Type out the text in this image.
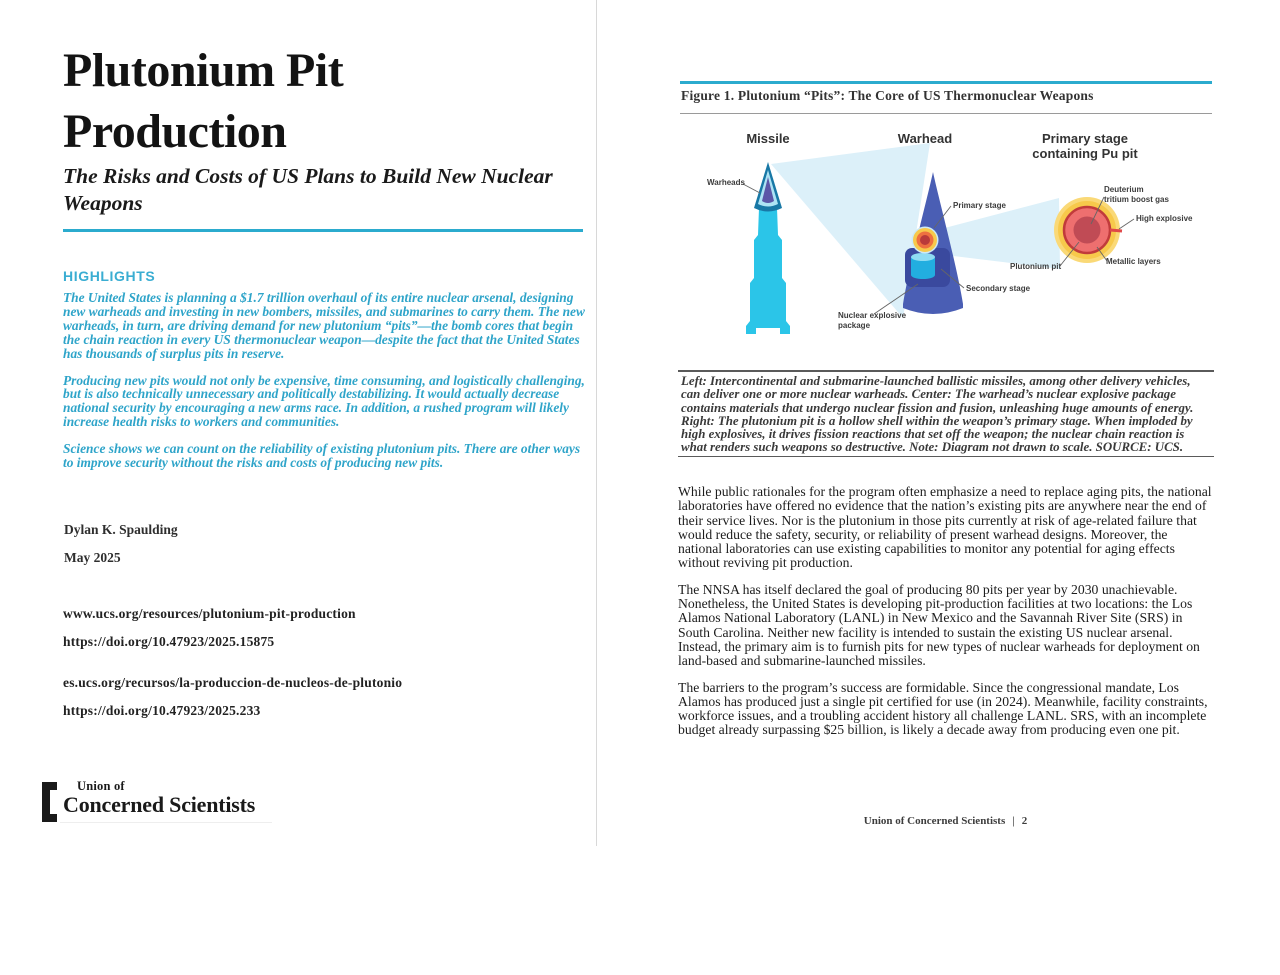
Plutonium Pit
Production
The Risks and Costs of US Plans to Build New Nuclear Weapons
HIGHLIGHTS

The United States is planning a $1.7 trillion overhaul of its entire nuclear arsenal, designing new warheads and investing in new bombers, missiles, and submarines to carry them. The new warheads, in turn, are driving demand for new plutonium “pits”—the bomb cores that begin the chain reaction in every US thermonuclear weapon—despite the fact that the United States has thousands of surplus pits in reserve.

Producing new pits would not only be expensive, time consuming, and logistically challenging, but is also technically unnecessary and politically destabilizing. It would actually decrease national security by encouraging a new arms race. In addition, a rushed program will likely increase health risks to workers and communities.

Science shows we can count on the reliability of existing plutonium pits. There are other ways to improve security without the risks and costs of producing new pits.

Dylan K. Spaulding
May 2025
www.ucs.org/resources/plutonium-pit-production
https://doi.org/10.47923/2025.15875
es.ucs.org/recursos/la-produccion-de-nucleos-de-plutonio
https://doi.org/10.47923/2025.233
Union of
Concerned Scientists
Figure 1. Plutonium “Pits”: The Core of US Thermonuclear Weapons
Missile	Warhead	Primary stage
containing Pu pit
Warheads
Primary stage
Secondary stage
Nuclear explosive
package
Deuterium
tritium boost gas
High explosive
Metallic layers
Plutonium pit
Left: Intercontinental and submarine-launched ballistic missiles, among other delivery vehicles, can deliver one or more nuclear warheads. Center: The warhead’s nuclear explosive package contains materials that undergo nuclear fission and fusion, unleashing huge amounts of energy. Right: The plutonium pit is a hollow shell within the weapon’s primary stage. When imploded by high explosives, it drives fission reactions that set off the weapon; the nuclear chain reaction is what renders such weapons so destructive. Note: Diagram not drawn to scale. SOURCE: UCS.

While public rationales for the program often emphasize a need to replace aging pits, the national laboratories have offered no evidence that the nation’s existing pits are anywhere near the end of their service lives. Nor is the plutonium in those pits currently at risk of age-related failure that would reduce the safety, security, or reliability of present warhead designs. Moreover, the national laboratories can use existing capabilities to monitor any potential for aging effects without reviving pit production.

The NNSA has itself declared the goal of producing 80 pits per year by 2030 unachievable. Nonetheless, the United States is developing pit-production facilities at two locations: the Los Alamos National Laboratory (LANL) in New Mexico and the Savannah River Site (SRS) in South Carolina. Neither new facility is intended to sustain the existing US nuclear arsenal. Instead, the primary aim is to furnish pits for new types of nuclear warheads for deployment on land-based and submarine-launched missiles.

The barriers to the program’s success are formidable. Since the congressional mandate, Los Alamos has produced just a single pit certified for use (in 2024). Meanwhile, facility constraints, workforce issues, and a troubling accident history all challenge LANL. SRS, with an incomplete budget already surpassing $25 billion, is likely a decade away from producing even one pit.

Union of Concerned Scientists | 2
